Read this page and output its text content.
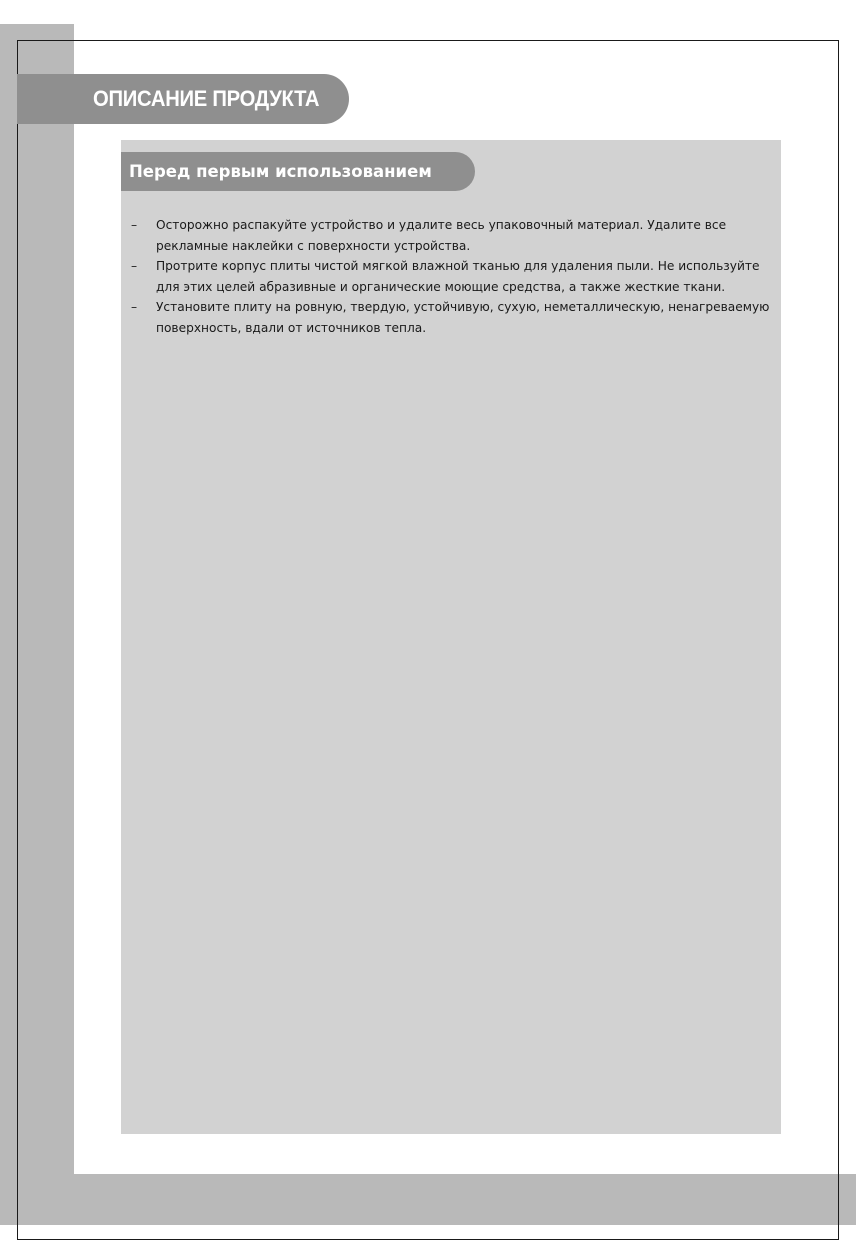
ОПИСАНИЕ ПРОДУКТА
Перед первым использованием
– Осторожно распакуйте устройство и удалите весь упаковочный материал. Удалите все рекламные наклейки с поверхности устройства.
– Протрите корпус плиты чистой мягкой влажной тканью для удаления пыли. Не используйте для этих целей абразивные и органические моющие средства, а также жесткие ткани.
– Установите плиту на ровную, твердую, устойчивую, сухую, неметаллическую, ненагреваемую поверхность, вдали от источников тепла.
